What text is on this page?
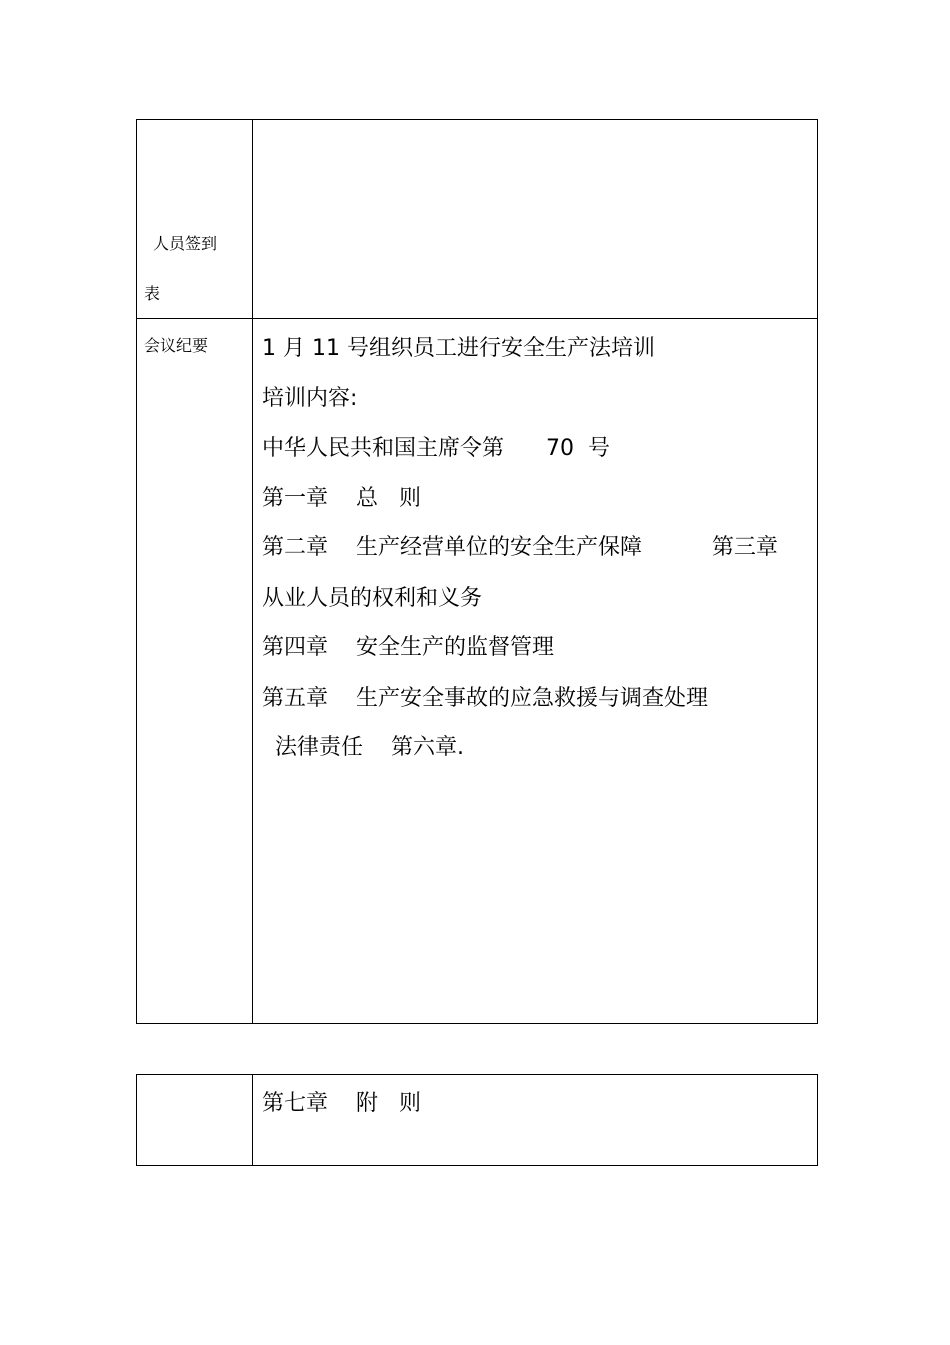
人员签到
表
会议纪要 1 月 11 号组织员工进行安全生产法培训
培训内容:
中华人民共和国主席令第      70  号
第一章    总   则
第二章    生产经营单位的安全生产保障          第三章
从业人员的权利和义务
第四章    安全生产的监督管理
第五章    生产安全事故的应急救援与调查处理
法律责任    第六章.
第七章    附   则
